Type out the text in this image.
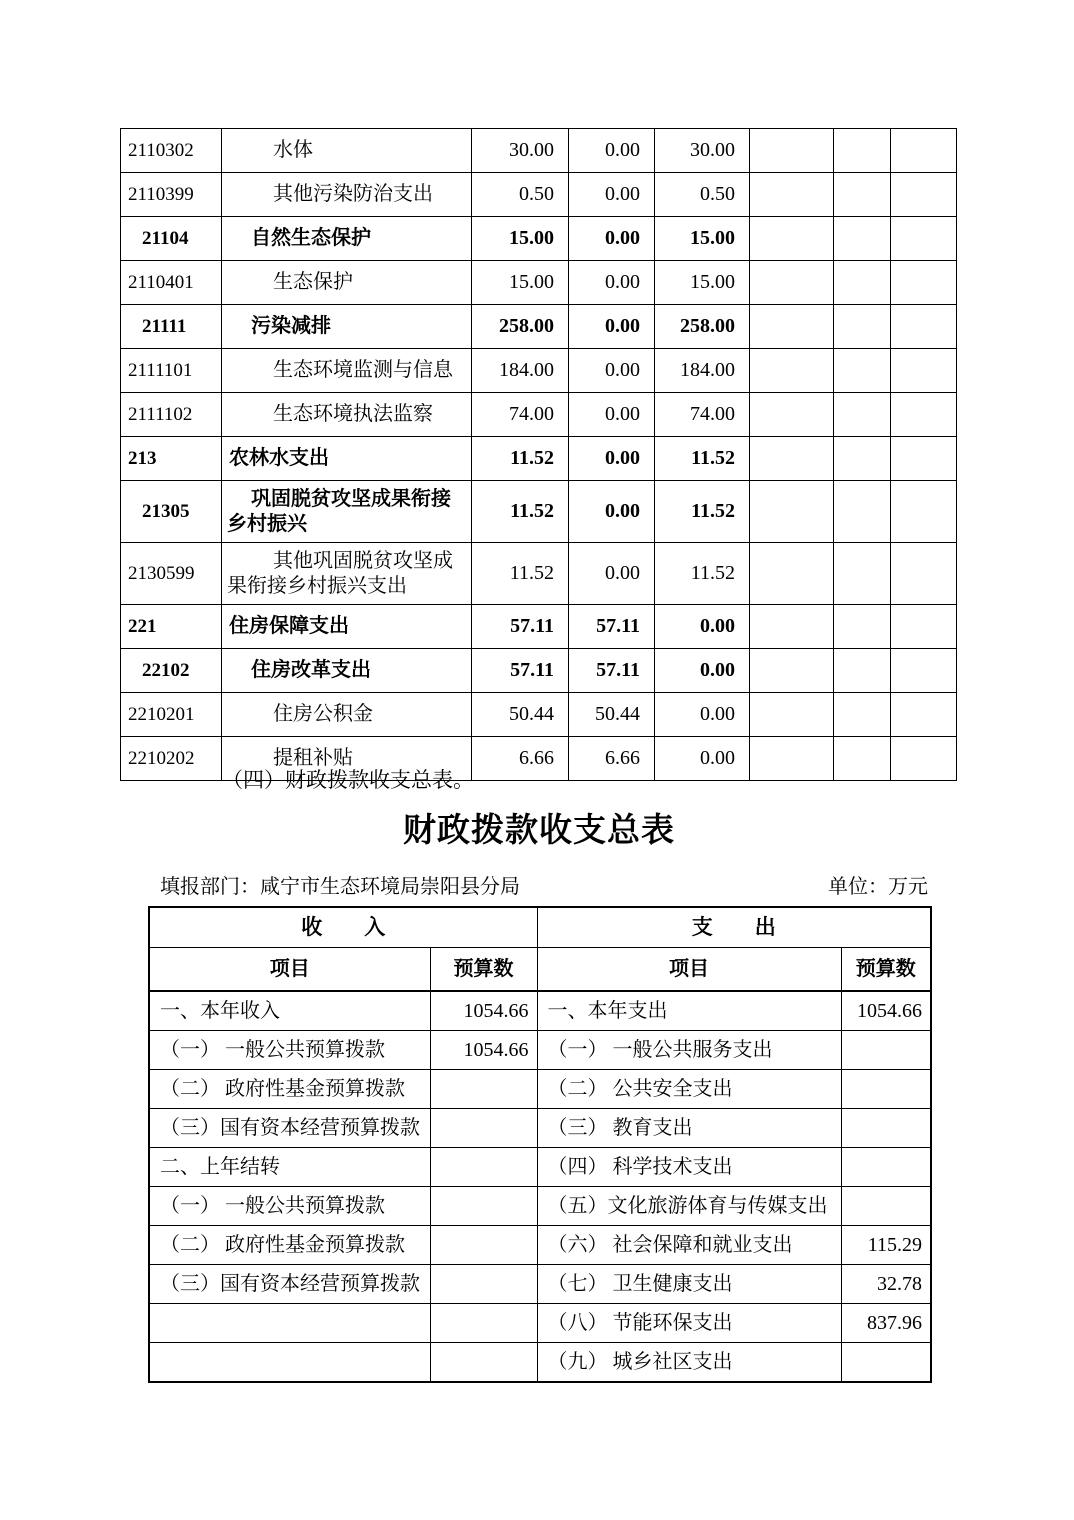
2110302	水体	30.00	0.00	30.00			
2110399	其他污染防治支出	0.50	0.00	0.50			
21104	自然生态保护	15.00	0.00	15.00			
2110401	生态保护	15.00	0.00	15.00			
21111	污染减排	258.00	0.00	258.00			
2111101	生态环境监测与信息	184.00	0.00	184.00			
2111102	生态环境执法监察	74.00	0.00	74.00			
213	农林水支出	11.52	0.00	11.52			
21305	巩固脱贫攻坚成果衔接乡村振兴	11.52	0.00	11.52			
2130599	其他巩固脱贫攻坚成果衔接乡村振兴支出	11.52	0.00	11.52			
221	住房保障支出	57.11	57.11	0.00			
22102	住房改革支出	57.11	57.11	0.00			
2210201	住房公积金	50.44	50.44	0.00			
2210202	提租补贴	6.66	6.66	0.00			
（四）财政拨款收支总表。
财政拨款收支总表
填报部门：咸宁市生态环境局崇阳县分局	单位：万元
收　　入		支　　出	
项目	预算数	项目	预算数
一、本年收入	1054.66	一、本年支出	1054.66
（一） 一般公共预算拨款	1054.66	（一） 一般公共服务支出	
（二） 政府性基金预算拨款		（二） 公共安全支出	
（三）国有资本经营预算拨款		（三） 教育支出	
二、上年结转		（四） 科学技术支出	
（一） 一般公共预算拨款		（五）文化旅游体育与传媒支出	
（二） 政府性基金预算拨款		（六） 社会保障和就业支出	115.29
（三）国有资本经营预算拨款		（七） 卫生健康支出	32.78
		（八） 节能环保支出	837.96
		（九） 城乡社区支出	
